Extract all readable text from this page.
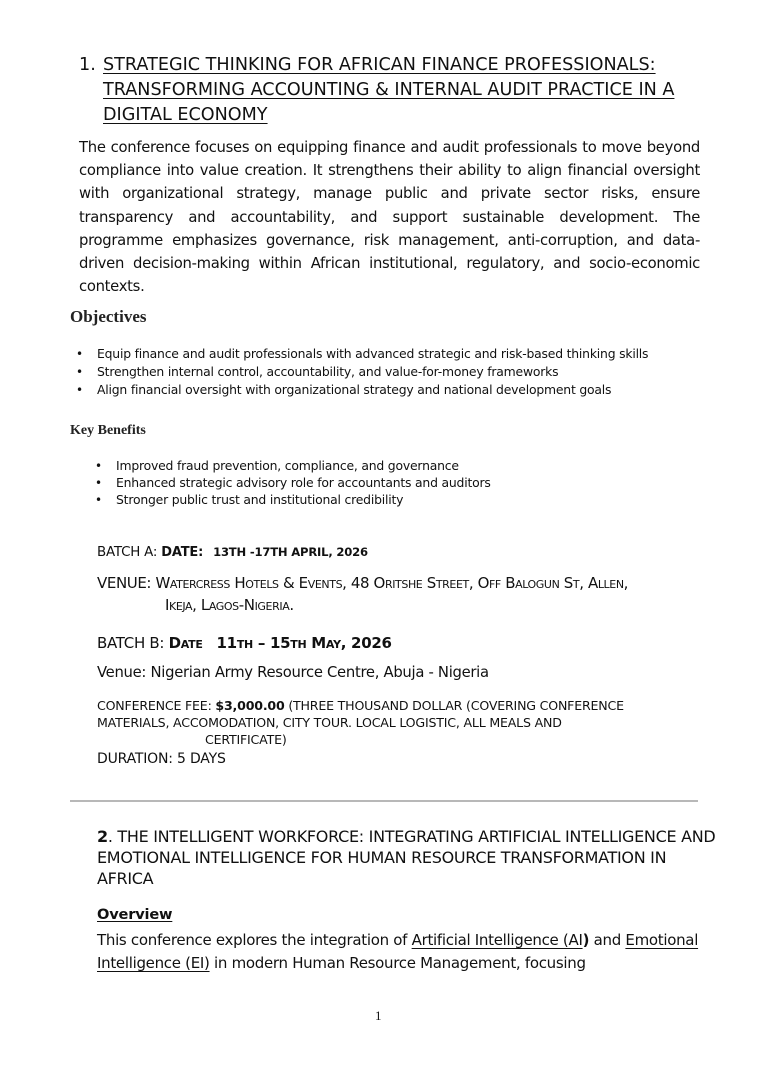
1. STRATEGIC THINKING FOR AFRICAN FINANCE PROFESSIONALS: TRANSFORMING ACCOUNTING & INTERNAL AUDIT PRACTICE IN A DIGITAL ECONOMY
The conference focuses on equipping finance and audit professionals to move beyond compliance into value creation. It strengthens their ability to align financial oversight with organizational strategy, manage public and private sector risks, ensure transparency and accountability, and support sustainable development. The programme emphasizes governance, risk management, anti-corruption, and data-driven decision-making within African institutional, regulatory, and socio-economic contexts.
Objectives
• Equip finance and audit professionals with advanced strategic and risk-based thinking skills
• Strengthen internal control, accountability, and value-for-money frameworks
• Align financial oversight with organizational strategy and national development goals
Key Benefits
• Improved fraud prevention, compliance, and governance
• Enhanced strategic advisory role for accountants and auditors
• Stronger public trust and institutional credibility
BATCH A: DATE: 13TH -17TH APRIL, 2026
VENUE: Watercress Hotels & Events, 48 Oritshe Street, Off Balogun St, Allen,
Ikeja, Lagos-Nigeria.
BATCH B: Date 11th – 15th May, 2026
Venue: Nigerian Army Resource Centre, Abuja - Nigeria
CONFERENCE FEE: $3,000.00 (THREE THOUSAND DOLLAR (COVERING CONFERENCE MATERIALS, ACCOMODATION, CITY TOUR. LOCAL LOGISTIC, ALL MEALS AND
CERTIFICATE)
DURATION: 5 DAYS
2. THE INTELLIGENT WORKFORCE: INTEGRATING ARTIFICIAL INTELLIGENCE AND EMOTIONAL INTELLIGENCE FOR HUMAN RESOURCE TRANSFORMATION IN AFRICA
Overview
This conference explores the integration of Artificial Intelligence (AI) and Emotional Intelligence (EI) in modern Human Resource Management, focusing
1
